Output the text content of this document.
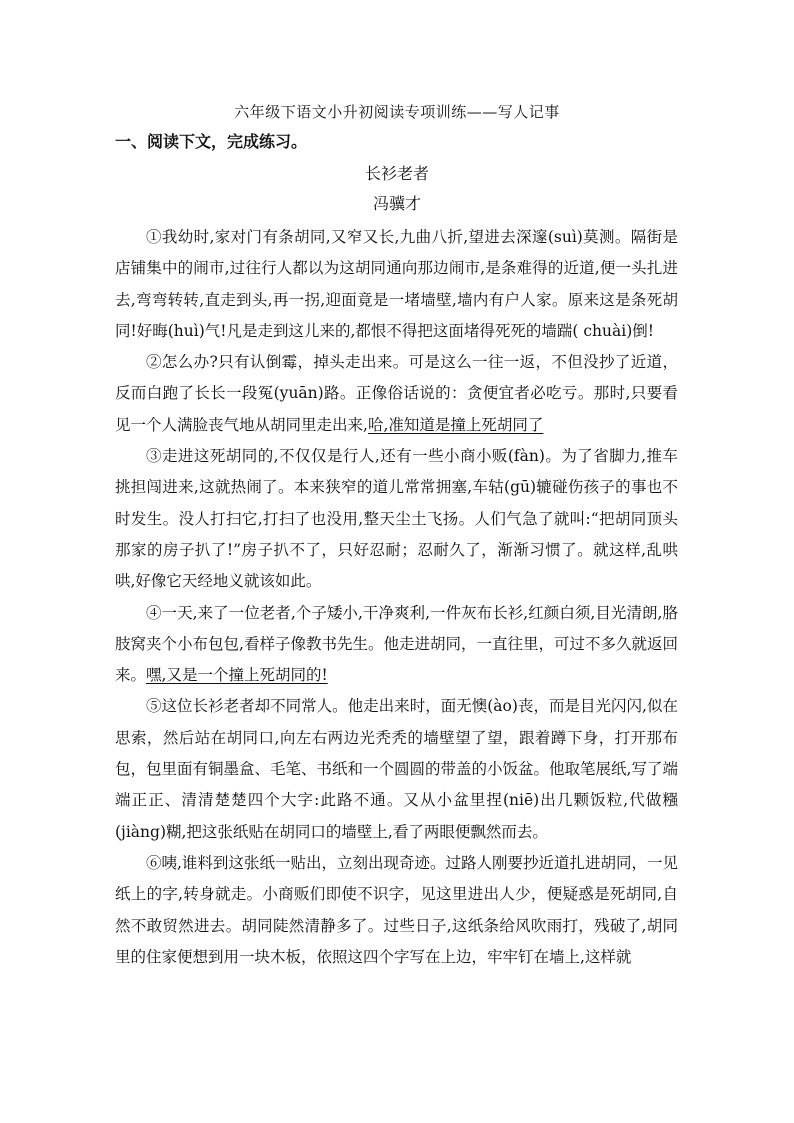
六年级下语文小升初阅读专项训练——写人记事
一、阅读下文，完成练习。
长衫老者
冯骥才

①我幼时,家对门有条胡同,又窄又长,九曲八折,望进去深邃(suì)莫测。隔街是店铺集中的闹市,过往行人都以为这胡同通向那边闹市,是条难得的近道,便一头扎进去,弯弯转转,直走到头,再一拐,迎面竟是一堵墙壁,墙内有户人家。原来这是条死胡同!好晦(huì)气!凡是走到这儿来的,都恨不得把这面堵得死死的墙踹( chuài)倒!

②怎么办?只有认倒霉，掉头走出来。可是这么一往一返，不但没抄了近道，反而白跑了长长一段冤(yuān)路。正像俗话说的：贪便宜者必吃亏。那时,只要看见一个人满脸丧气地从胡同里走出来,哈,准知道是撞上死胡同了

③走进这死胡同的,不仅仅是行人,还有一些小商小贩(fàn)。为了省脚力,推车挑担闯进来,这就热闹了。本来狭窄的道儿常常拥塞,车轱(gū)辘碰伤孩子的事也不时发生。没人打扫它,打扫了也没用,整天尘土飞扬。人们气急了就叫:“把胡同顶头那家的房子扒了!”房子扒不了，只好忍耐；忍耐久了，渐渐习惯了。就这样,乱哄哄,好像它天经地义就该如此。

④一天,来了一位老者,个子矮小,干净爽利,一件灰布长衫,红颜白须,目光清朗,胳肢窝夹个小布包包,看样子像教书先生。他走进胡同，一直往里，可过不多久就返回来。嘿,又是一个撞上死胡同的!

⑤这位长衫老者却不同常人。他走出来时，面无懊(ào)丧，而是目光闪闪,似在思索，然后站在胡同口,向左右两边光秃秃的墙壁望了望，跟着蹲下身，打开那布包，包里面有铜墨盒、毛笔、书纸和一个圆圆的带盖的小饭盆。他取笔展纸,写了端端正正、清清楚楚四个大字:此路不通。又从小盆里捏(niē)出几颗饭粒,代做糨(jiàng)糊,把这张纸贴在胡同口的墙壁上,看了两眼便飘然而去。

⑥咦,谁料到这张纸一贴出，立刻出现奇迹。过路人刚要抄近道扎进胡同，一见纸上的字,转身就走。小商贩们即使不识字，见这里进出人少，便疑惑是死胡同,自然不敢贸然进去。胡同陡然清静多了。过些日子,这纸条给风吹雨打，残破了,胡同里的住家便想到用一块木板，依照这四个字写在上边，牢牢钉在墙上,这样就
